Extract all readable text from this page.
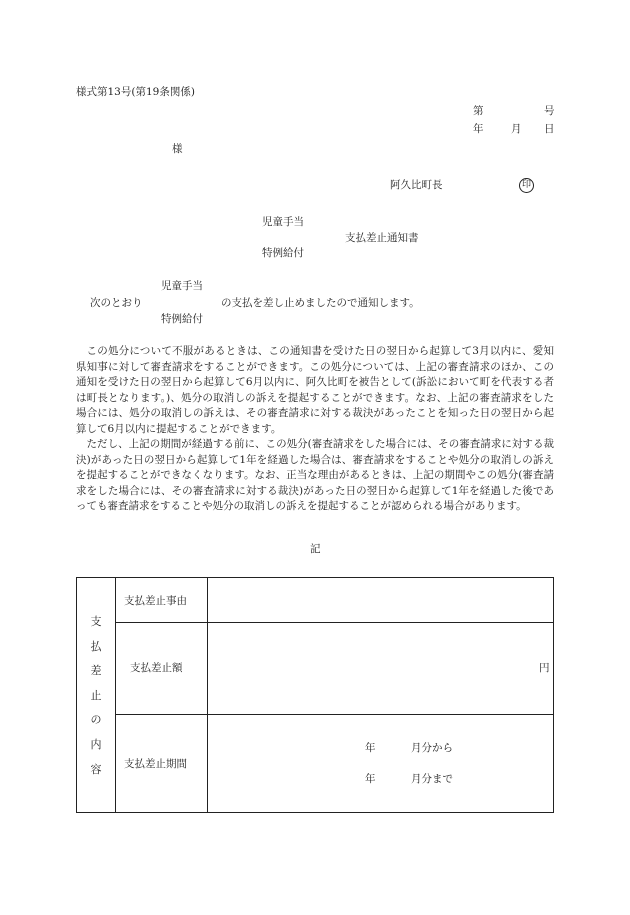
様式第13号(第19条関係)
第	号
年	月 日
様
阿久比町長	印
児童手当
支払差止通知書
特例給付
児童手当
次のとおり	の支払を差し止めましたので通知します。
特例給付

この処分について不服があるときは、この通知書を受けた日の翌日から起算して3月以内に、愛知県知事に対して審査請求をすることができます。この処分については、上記の審査請求のほか、この通知を受けた日の翌日から起算して6月以内に、阿久比町を被告として(訴訟において町を代表する者は町長となります。)、処分の取消しの訴えを提起することができます。なお、上記の審査請求をした場合には、処分の取消しの訴えは、その審査請求に対する裁決があったことを知った日の翌日から起算して6月以内に提起することができます。

ただし、上記の期間が経過する前に、この処分(審査請求をした場合には、その審査請求に対する裁決)があった日の翌日から起算して1年を経過した場合は、審査請求をすることや処分の取消しの訴えを提起することができなくなります。なお、正当な理由があるときは、上記の期間やこの処分(審査請求をした場合には、その審査請求に対する裁決)があった日の翌日から起算して1年を経過した後であっても審査請求をすることや処分の取消しの訴えを提起することが認められる場合があります。

記
支
払
差
止
の
内
容
支払差止事由
支払差止額	円
支払差止期間
年	月分から
年	月分まで
